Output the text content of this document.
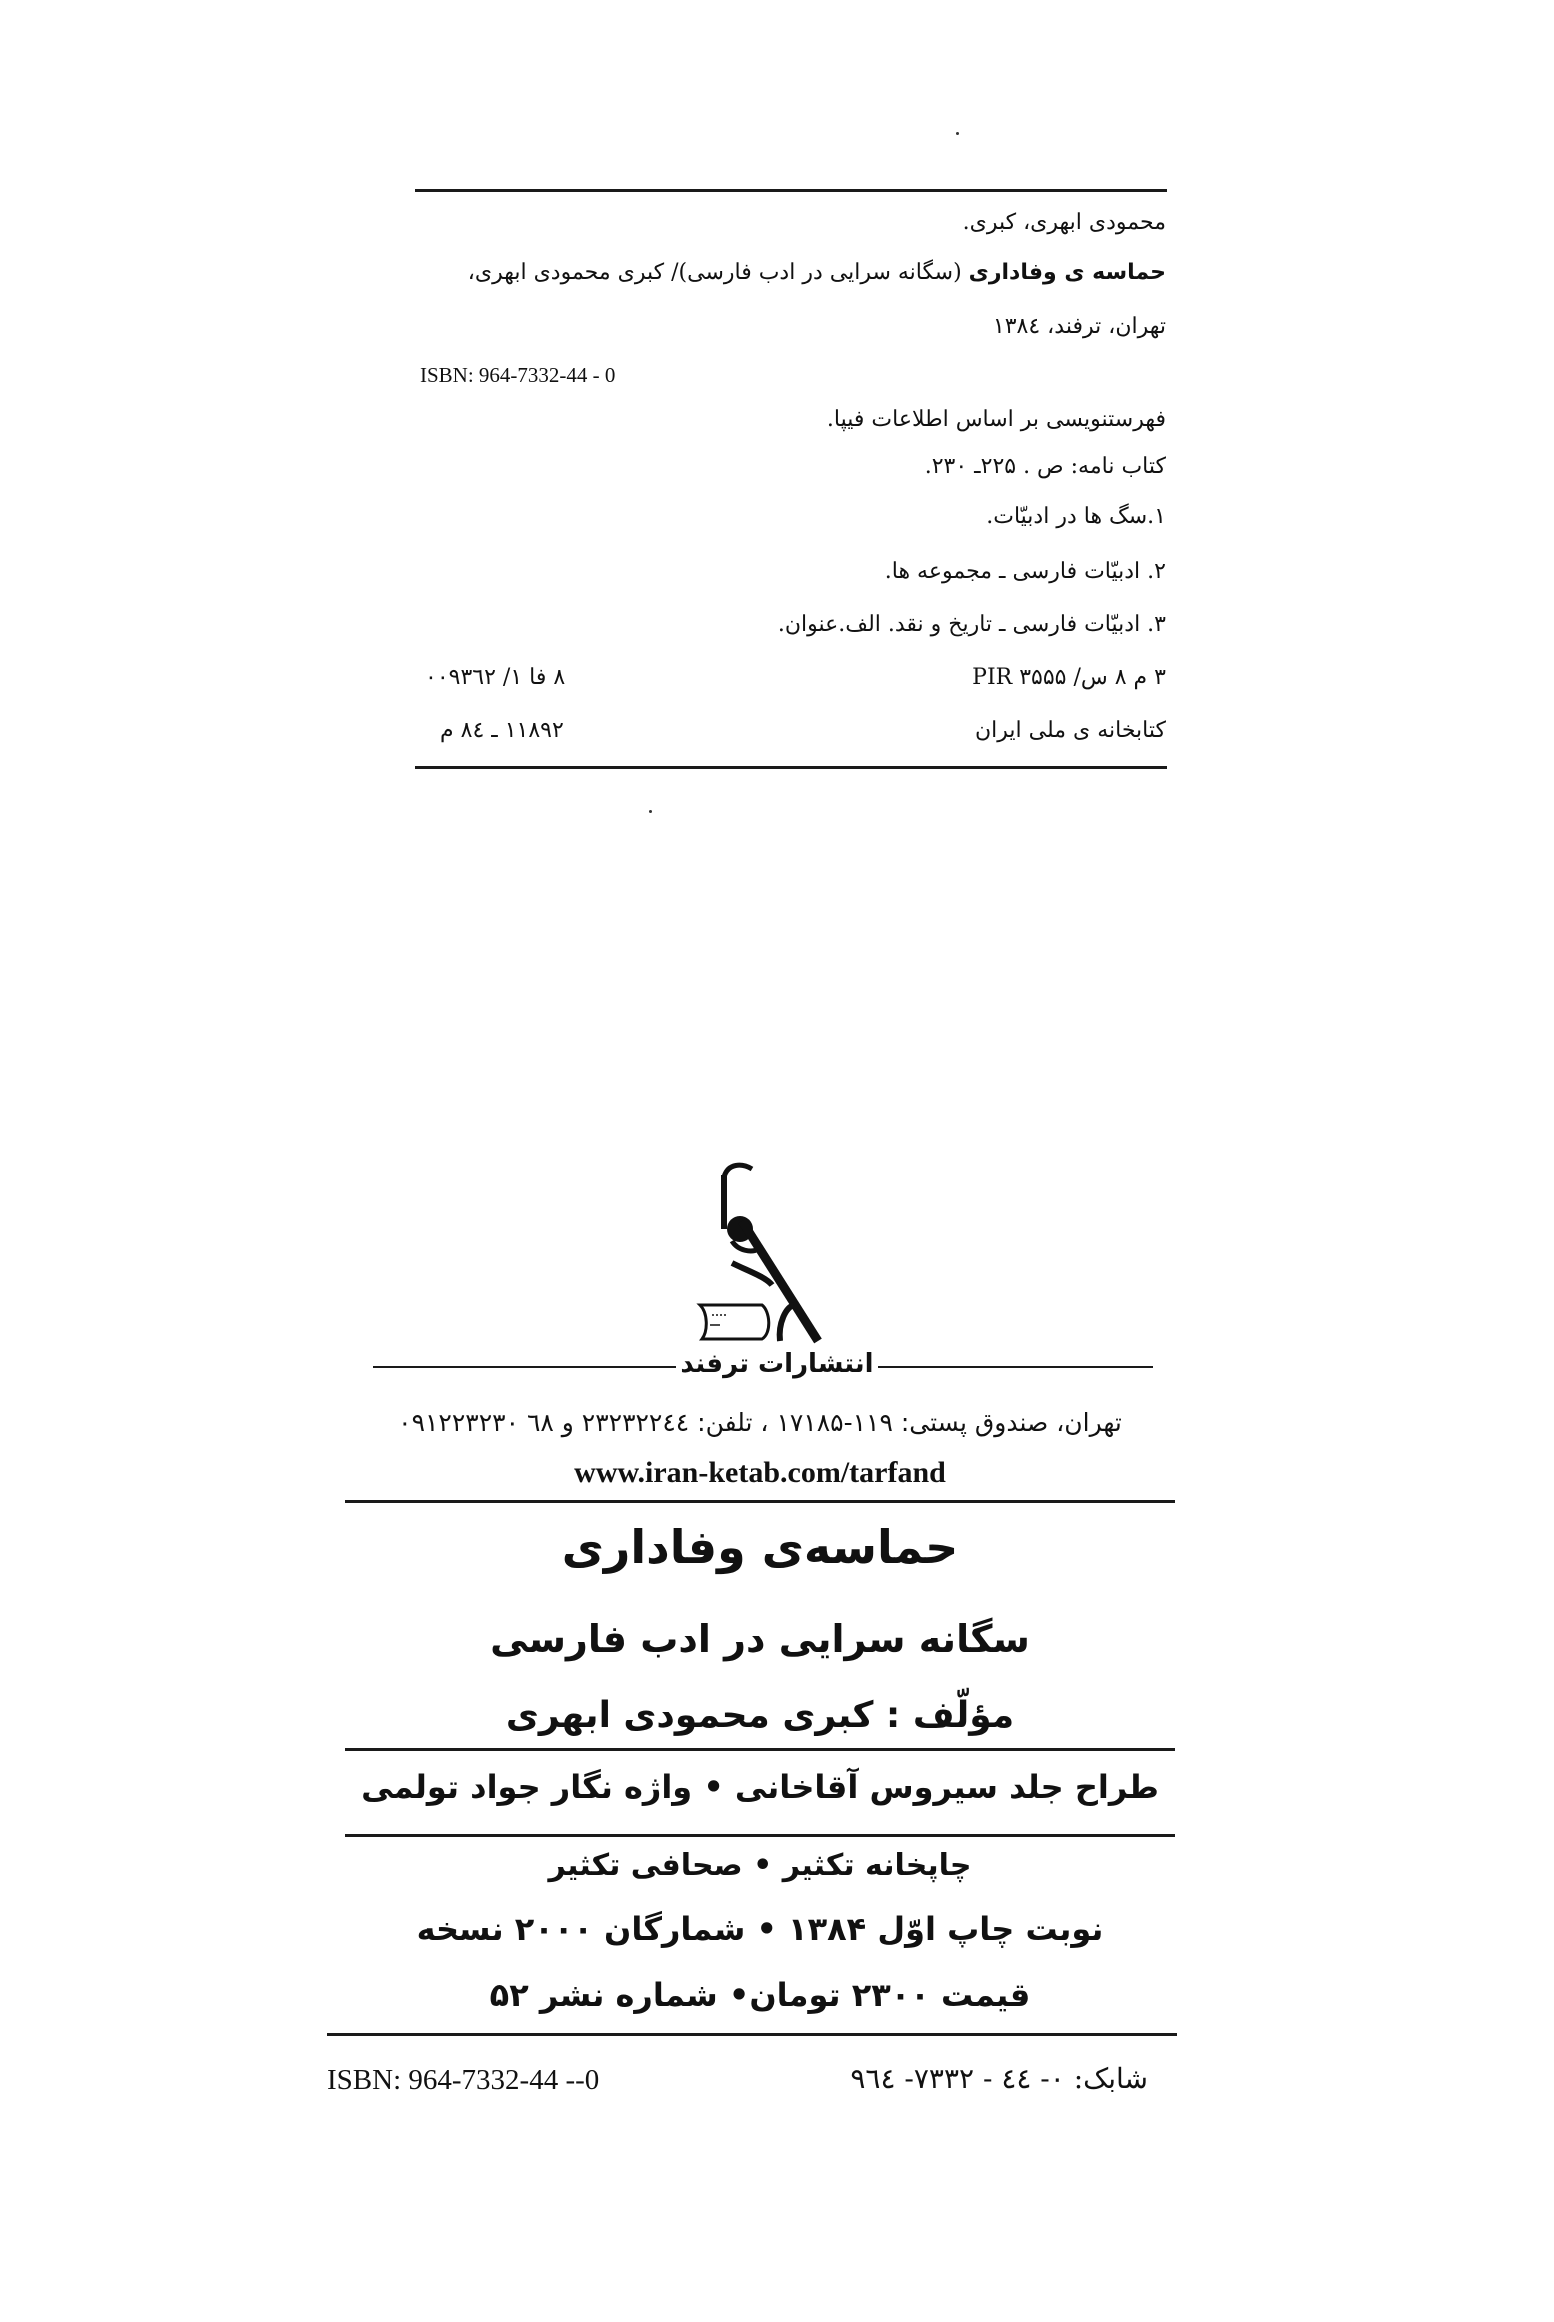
محمودی ابهری، کبری.
حماسه ی وفاداری (سگانه سرایی در ادب فارسی)/ کبری محمودی ابهری،
تهران، ترفند، ۱۳۸٤
ISBN: 964-7332-44 - 0
فهرستنویسی بر اساس اطلاعات فیپا.
کتاب نامه: ص . ۲۲۵ـ ۲۳۰.
۱.سگ ها در ادبیّات.
۲. ادبیّات فارسی ـ مجموعه ها.
۳. ادبیّات فارسی ـ تاریخ و نقد. الف.عنوان.
۳ م ۸ س/ PIR ۳۵۵۵
۸ فا ۱/ ۰۰۹۳٦۲
کتابخانه ی ملی ایران
۱۱۸۹۲ ـ ۸٤ م
انتشارات ترفند
تهران، صندوق پستی: ۱۱۹-۱۷۱۸۵ ، تلفن: ۲۳۲۳۲۲٤٤ و ٦۸ ۰۹۱۲۲۳۲۳۰
www.iran-ketab.com/tarfand
حماسه‌ی وفاداری
سگانه سرایی در ادب فارسی
مؤلّف : کبری محمودی ابهری
طراح جلد سیروس آقاخانی • واژه نگار جواد تولمی
چاپخانه تکثیر • صحافی تکثیر
نوبت چاپ اوّل ۱۳۸۴ • شمارگان ۲۰۰۰ نسخه
قیمت ۲۳۰۰ تومان• شماره نشر ۵۲
ISBN: 964-7332-44 --0	شابک: ۰- ٤٤ - ۷۳۳۲- ۹٦٤
